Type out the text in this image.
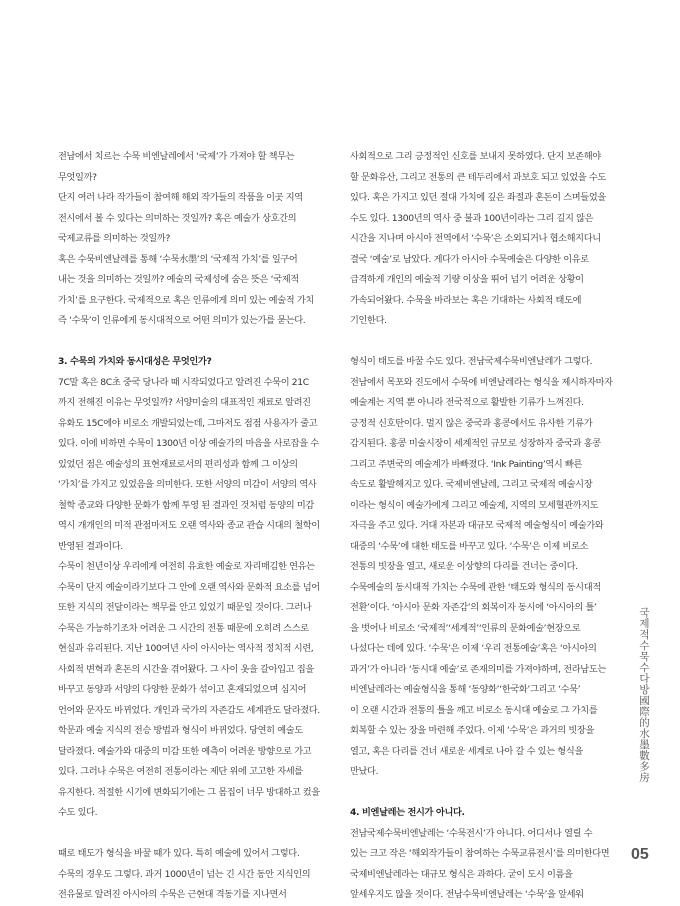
전남에서 치르는 수묵 비엔날레에서 ‘국제’가 가져야 할 책무는
무엇일까?
단지 여러 나라 작가들이 참여해 해외 작가들의 작품을 이곳 지역
전시에서 볼 수 있다는 의미하는 것일까? 혹은 예술가 상호간의
국제교류를 의미하는 것일까?
혹은 수묵비엔날레를 통해 ‘수묵水墨’의 ‘국제적 가치’를 일구어
내는 것을 의미하는 것일까? 예술의 국제성에 숨은 뜻은 ‘국제적
가치’를 요구한다. 국제적으로 혹은 인류에게 의미 있는 예술적 가치
즉 ‘수묵’이 인류에게 동시대적으로 어떤 의미가 있는가를 묻는다.
3. 수묵의 가치와 동시대성은 무엇인가?
7C말 혹은 8C초 중국 당나라 때 시작되었다고 알려진 수묵이 21C
까지 전해진 이유는 무엇일까? 서양미술의 대표적인 재료로 알려진
유화도 15C에야 비로소 개발되었는데, 그마저도 점점 사용자가 줄고
있다. 이에 비하면 수묵이 1300년 이상 예술가의 마음을 사로잡을 수
있었던 점은 예술성의 표현재료로서의 편리성과 함께 그 이상의
‘가치’를 가지고 있었음을 의미한다. 또한 서양의 미감이 서양의 역사
철학 종교와 다양한 문화가 함께 투영 된 결과인 것처럼 동양의 미감
역시 개개인의 미적 관점마저도 오랜 역사와 종교 관습 시대의 철학이
반영된 결과이다.
수묵이 천년이상 우리에게 여전히 유효한 예술로 자리매김한 연유는
수묵이 단지 예술이라기보다 그 안에 오랜 역사와 문화적 요소를 넘어
또한 지식의 전달이라는 책무를 안고 있었기 때문일 것이다. 그러나
수묵은 가능하기조차 어려운 그 시간의 전통 때문에 오히려 스스로
현실과 유리된다. 지난 100여년 사이 아시아는 역사적 정치적 시련,
사회적 변혁과 혼돈의 시간을 겪어왔다. 그 사이 옷을 갈아입고 집을
바꾸고 동양과 서양의 다양한 문화가 섞이고 혼재되었으며 심지어
언어와 문자도 바뀌었다. 개인과 국가의 자존감도 세계관도 달라졌다.
학문과 예술 지식의 전승 방법과 형식이 바뀌었다. 당연히 예술도
달라졌다. 예술가와 대중의 미감 또한 예측이 어려운 방향으로 가고
있다. 그러나 수묵은 여전히 전통이라는 제단 위에 고고한 자세를
유지한다. 적절한 시기에 변화되기에는 그 몸집이 너무 방대하고 컸을
수도 있다.
때로 태도가 형식을 바꿀 때가 있다. 특히 예술에 있어서 그렇다.
수묵의 경우도 그렇다. 과거 1000년이 넘는 긴 시간 동안 지식인의
전유물로 알려진 아시아의 수묵은 근현대 격동기를 지나면서
사회적으로 그리 긍정적인 신호를 보내지 못하였다. 단지 보존해야
할 문화유산, 그리고 전통의 큰 테두리에서 과보호 되고 있었을 수도
있다. 혹은 가지고 있던 절대 가치에 깊은 좌절과 혼돈이 스며들었을
수도 있다. 1300년의 역사 중 불과 100년이라는 그리 길지 않은
시간을 지나며 아시아 전역에서 ‘수묵’은 소외되거나 협소해지다니
결국 ‘예술’로 남았다. 게다가 아시아 수묵예술은 다양한 이유로
급격하게 개인의 예술적 기량 이상을 뛰어 넘기 어려운 상황이
가속되어왔다. 수묵을 바라보는 혹은 기대하는 사회적 태도에
기인한다.
형식이 태도를 바꿀 수도 있다. 전남국제수묵비엔날레가 그렇다.
전남에서 목포와 진도에서 수묵에 비엔날레라는 형식을 제시하자마자
예술계는 지역 뿐 아니라 전국적으로 활발한 기류가 느껴진다.
긍정적 신호탄이다. 멀지 않은 중국과 홍콩에서도 유사한 기류가
감지된다. 홍콩 미술시장이 세계적인 규모로 성장하자 중국과 홍콩
그리고 주변국의 예술계가 바빠졌다. ‘Ink Painting’역시 빠른
속도로 활발해지고 있다. 국제비엔날레, 그리고 국제적 예술시장
이라는 형식이 예술가에게 그리고 예술계, 지역의 모세혈관까지도
자극을 주고 있다. 거대 자본과 대규모 국제적 예술형식이 예술가와
대중의 ‘수묵’에 대한 태도를 바꾸고 있다. ‘수묵’은 이제 비로소
전통의 빗장을 열고, 새로운 이상향의 다리를 건너는 중이다.
수묵예술의 동시대적 가치는 수묵에 관한 ‘태도와 형식의 동시대적
전환’이다. ‘아시아 문화 자존감’의 회복이자 동시에 ‘아시아의 틀’
을 벗어나 비로소 ‘국제적’‘세계적’‘인류의 문화예술’현장으로
나섰다는 데에 있다. ‘수묵’은 이제 ‘우리 전통예술’혹은 ‘아시아의
과거’가 아니라 ‘동시대 예술’로 존재의미를 가져야하며, 전라남도는
비엔날레라는 예술형식을 통해 ‘동양화’‘한국화’그리고 ‘수묵’
이 오랜 시간과 전통의 틀을 깨고 비로소 동시대 예술로 그 가치를
회복할 수 있는 장을 마련해 주었다. 이제 ‘수묵’은 과거의 빗장을
열고, 혹은 다리를 건너 새로운 세계로 나아 갈 수 있는 형식을
만났다.
4. 비엔날레는 전시가 아니다.
전남국제수묵비엔날레는 ‘수묵전시’가 아니다. 어디서나 열릴 수
있는 크고 작은 ‘해외작가들이 참여하는 수묵교류전시’를 의미한다면
국제비엔날레라는 대규모 형식은 과하다. 굳이 도시 이름을
앞세우지도 않을 것이다. 전남수묵비엔날레는 ‘수묵’을 앞세워
국제적수묵수다방國際的水墨數多房
05
